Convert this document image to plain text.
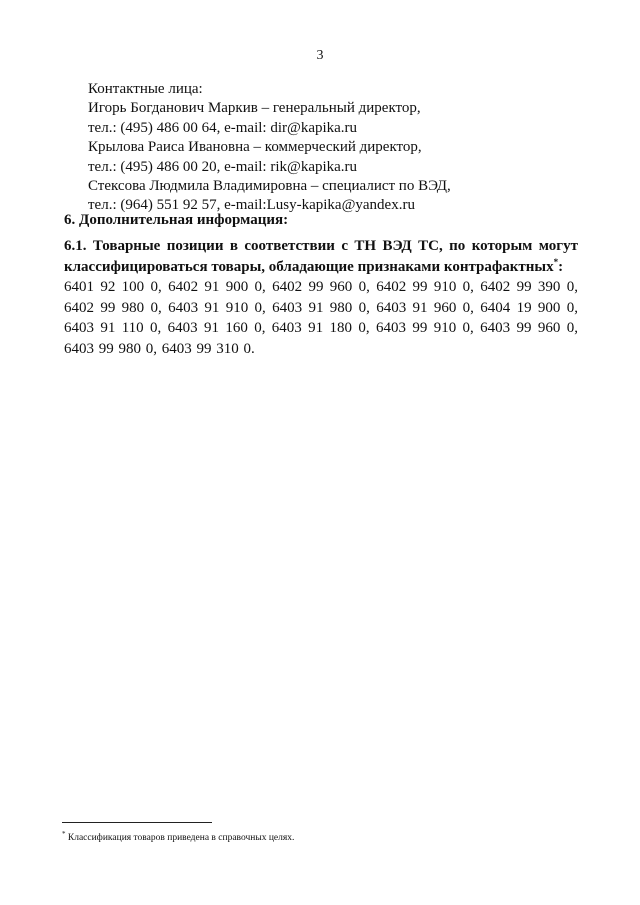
3
Контактные лица:
Игорь Богданович Маркив – генеральный директор,
тел.: (495) 486 00 64, e-mail: dir@kapika.ru
Крылова Раиса Ивановна – коммерческий директор,
тел.: (495) 486 00 20, e-mail: rik@kapika.ru
Стексова Людмила Владимировна – специалист по ВЭД,
тел.: (964) 551 92 57, e-mail:Lusy-kapika@yandex.ru
6. Дополнительная информация:
6.1. Товарные позиции в соответствии с ТН ВЭД ТС, по которым могут классифицироваться товары, обладающие признаками контрафактных*:
6401 92 100 0, 6402 91 900 0, 6402 99 960 0, 6402 99 910 0, 6402 99 390 0, 6402 99 980 0, 6403 91 910 0, 6403 91 980 0, 6403 91 960 0, 6404 19 900 0, 6403 91 110 0, 6403 91 160 0, 6403 91 180 0, 6403 99 910 0, 6403 99 960 0, 6403 99 980 0, 6403 99 310 0.
* Классификация товаров приведена в справочных целях.
